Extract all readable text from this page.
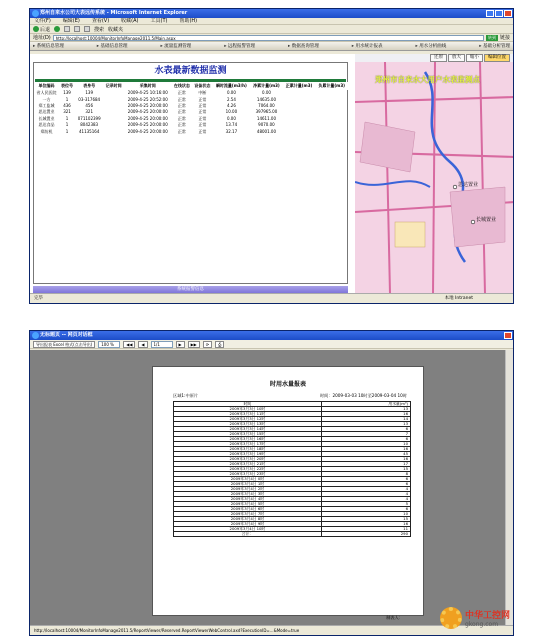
郑州自来水公司大表远传系统 - Microsoft Internet Explorer
文件(F) 编辑(E) 查看(V) 收藏(A) 工具(T) 帮助(H)
后退	搜索 收藏夹
地址(D)	http://localhost:10004/MonitorInfoManage2011.5/Main.aspx	转到 链接
▸ 系统信息管理	▸ 基础信息管理	▸ 流量监测管理	▸ 远程报警管理	▸ 数据查询管理	▸ 用水统计报表	▸ 用水分析曲线	▸ 基础分析管理
水表最新数据监测
单位编码	表位号	表身号	记录时间	采集时间	在线状态	设备状态	瞬时流量(m3/h)	净累计量(m3)	正累计量(m3)	负累计量(m3)
省人民医院	139	139		2009-4-25 10:16:00	正常	中断	0.00	0.00		
一方	1	03-317684		2009-4-25 20:52:00	正常	正常	2.54	14635.00		
郑工监城	436	456		2009-4-25 20:00:00	正常	正常	4.26	7064.00		
思达置业	321	321		2009-4-25 20:00:00	正常	正常	10.00	397965.00		
长城置业	1	071102399		2009-4-25 20:00:00	正常	正常	0.00	14611.00		
思达食品	1	8042383		2009-4-25 20:00:00	正常	正常	13.74	9070.00		
郑纺机	1	41135164		2009-4-25 20:00:00	正常	正常	32.17	48001.00		
系统报警信息
还原	放大	缩小	编辑位置
思达置业
长城置业
郑州市自来水大用户水表监测点
完毕	本地 Intranet
无标题页 -- 网页对话框
导出报表 Excel 格式(点击导出)	100 %	◀◀	◀	1/1	▶	▶▶	⟳	⎙
时用水量报表
区域1:中原片	时间：2009-03-03 10时至2009-03-04 10时
时间	用水量(m³)
2009年3月3日 10时	13
2009年3月3日 11时	16
2009年3月3日 12时	14
2009年3月3日 13时	13
2009年3月3日 14时	6
2009年3月3日 15时	7
2009年3月3日 16时	6
2009年3月3日 17时	10
2009年3月3日 18时	16
2009年3月3日 19时	45
2009年3月3日 20时	16
2009年3月3日 21时	17
2009年3月3日 22时	15
2009年3月3日 23时	8
2009年3月4日 0时	6
2009年3月4日 1时	6
2009年3月4日 2时	4
2009年3月4日 3时	4
2009年3月4日 4时	4
2009年3月4日 5时	5
2009年3月4日 6时	6
2009年3月4日 7时	10
2009年3月4日 8时	15
2009年3月4日 9时	16
2009年3月4日 10时	11
合计：	290
制表人：
http://localhost:10004/MonitorInfoManage2011.5/ReportViewer/Reserved.ReportViewerWebControl.axd?ExecutionID=...&Mode=true
中华工控网
gkong.com
